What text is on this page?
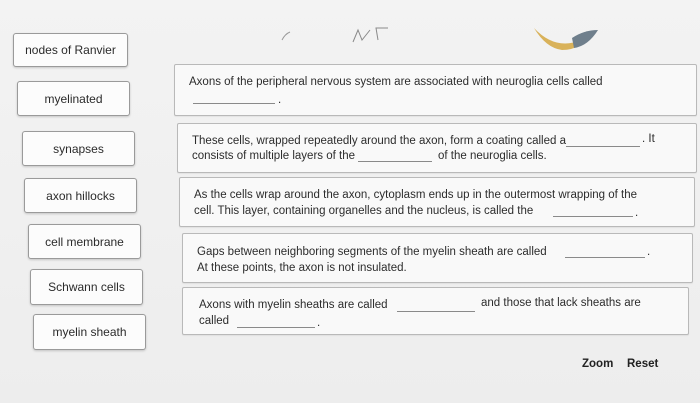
nodes of Ranvier
myelinated
synapses
axon hillocks
cell membrane
Schwann cells
myelin sheath

Axons of the peripheral nervous system are associated with neuroglia cells called

.

These cells, wrapped repeatedly around the axon, form a coating called a	. It

consists of multiple layers of the	of the neuroglia cells.

As the cells wrap around the axon, cytoplasm ends up in the outermost wrapping of the

cell. This layer, containing organelles and the nucleus, is called the	.

Gaps between neighboring segments of the myelin sheath are called	.

At these points, the axon is not insulated.

Axons with myelin sheaths are called	and those that lack sheaths are

called	.

Zoom Reset
